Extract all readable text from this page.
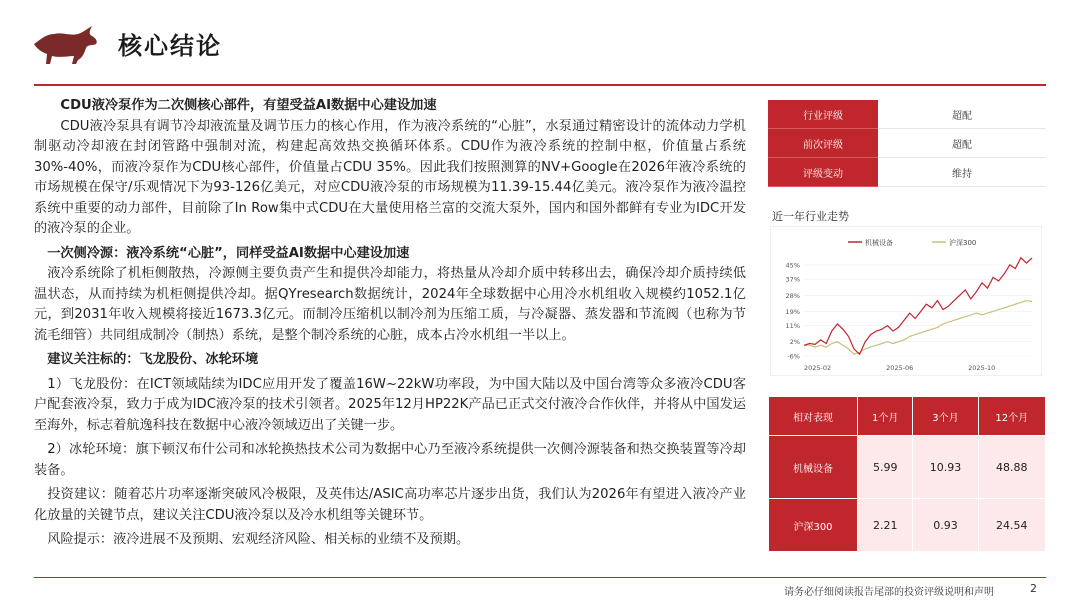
核心结论

CDU液冷泵作为二次侧核心部件，有望受益AI数据中心建设加速

CDU液冷泵具有调节冷却液流量及调节压力的核心作用，作为液冷系统的“心脏”，水泵通过精密设计的流体动力学机制驱动冷却液在封闭管路中强制对流，构建起高效热交换循环体系。CDU作为液冷系统的控制中枢，价值量占系统30%-40%，而液冷泵作为CDU核心部件，价值量占CDU 35%。因此我们按照测算的NV+Google在2026年液冷系统的市场规模在保守/乐观情况下为93-126亿美元，对应CDU液冷泵的市场规模为11.39-15.44亿美元。液冷泵作为液冷温控系统中重要的动力部件，目前除了In Row集中式CDU在大量使用格兰富的交流大泵外，国内和国外都鲜有专业为IDC开发的液冷泵的企业。

一次侧冷源：液冷系统“心脏”，同样受益AI数据中心建设加速

液冷系统除了机柜侧散热，冷源侧主要负责产生和提供冷却能力，将热量从冷却介质中转移出去，确保冷却介质持续低温状态，从而持续为机柜侧提供冷却。据QYresearch数据统计，2024年全球数据中心用冷水机组收入规模约1052.1亿元，到2031年收入规模将接近1673.3亿元。而制冷压缩机以制冷剂为压缩工质，与冷凝器、蒸发器和节流阀（也称为节流毛细管）共同组成制冷（制热）系统，是整个制冷系统的心脏，成本占冷水机组一半以上。

建议关注标的：飞龙股份、冰轮环境

1）飞龙股份：在ICT领域陆续为IDC应用开发了覆盖16W~22kW功率段，为中国大陆以及中国台湾等众多液冷CDU客户配套液冷泵，致力于成为IDC液冷泵的技术引领者。2025年12月HP22K产品已正式交付液冷合作伙伴，并将从中国发运至海外，标志着航逸科技在数据中心液冷领域迈出了关键一步。

2）冰轮环境：旗下顿汉布什公司和冰轮换热技术公司为数据中心乃至液冷系统提供一次侧冷源装备和热交换装置等冷却装备。

投资建议：随着芯片功率逐渐突破风冷极限，及英伟达/ASIC高功率芯片逐步出货，我们认为2026年有望进入液冷产业化放量的关键节点，建议关注CDU液冷泵以及冷水机组等关键环节。

风险提示：液冷进展不及预期、宏观经济风险、相关标的业绩不及预期。

行业评级	超配
前次评级	超配
评级变动	维持
近一年行业走势
机械设备	沪深300
-6%
2%
11%
19%
28%
37%
45%
2025-02	2025-06	2025-10
相对表现	1个月	3个月	12个月
机械设备	5.99	10.93	48.88
沪深300	2.21	0.93	24.54
请务必仔细阅读报告尾部的投资评级说明和声明	2
